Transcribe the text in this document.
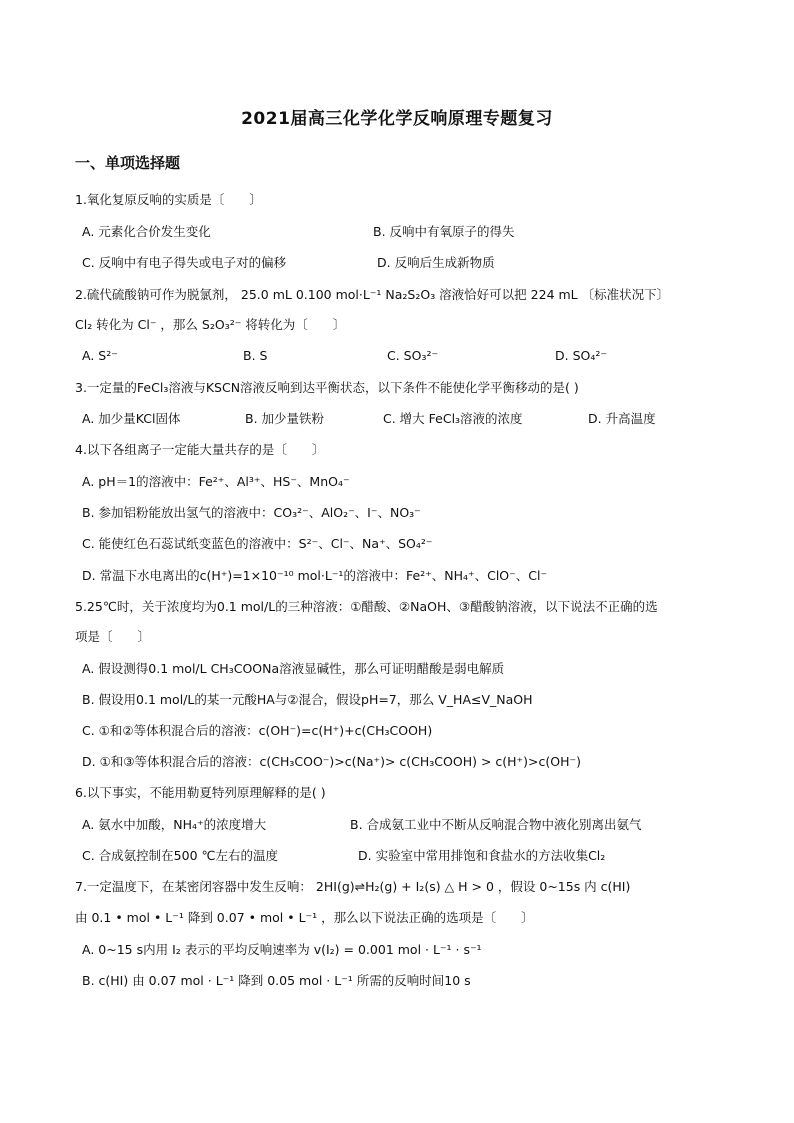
2021届高三化学化学反响原理专题复习
一、单项选择题
1.氧化复原反响的实质是〔　　〕
A. 元素化合价发生变化	B. 反响中有氧原子的得失
C. 反响中有电子得失或电子对的偏移	D. 反响后生成新物质
2.硫代硫酸钠可作为脱氯剂， 25.0 mL 0.100 mol·L⁻¹ Na₂S₂O₃ 溶液恰好可以把 224 mL 〔标准状况下〕
Cl₂ 转化为 Cl⁻ ，那么 S₂O₃²⁻ 将转化为〔　　〕
A. S²⁻	B. S	C. SO₃²⁻	D. SO₄²⁻
3.一定量的FeCl₃溶液与KSCN溶液反响到达平衡状态，以下条件不能使化学平衡移动的是( )
A. 加少量KCl固体	B. 加少量铁粉	C. 增大 FeCl₃溶液的浓度	D. 升高温度
4.以下各组离子一定能大量共存的是〔　　〕
A. pH＝1的溶液中：Fe²⁺、Al³⁺、HS⁻、MnO₄⁻
B. 参加铝粉能放出氢气的溶液中：CO₃²⁻、AlO₂⁻、I⁻、NO₃⁻
C. 能使红色石蕊试纸变蓝色的溶液中：S²⁻、Cl⁻、Na⁺、SO₄²⁻
D. 常温下水电离出的c(H⁺)=1×10⁻¹⁰ mol·L⁻¹的溶液中：Fe²⁺、NH₄⁺、ClO⁻、Cl⁻
5.25℃时，关于浓度均为0.1 mol/L的三种溶液：①醋酸、②NaOH、③醋酸钠溶液，以下说法不正确的选
项是〔　　〕
A. 假设测得0.1 mol/L CH₃COONa溶液显碱性，那么可证明醋酸是弱电解质
B. 假设用0.1 mol/L的某一元酸HA与②混合，假设pH=7，那么 V_HA≤V_NaOH
C. ①和②等体积混合后的溶液：c(OH⁻)=c(H⁺)+c(CH₃COOH)
D. ①和③等体积混合后的溶液：c(CH₃COO⁻)>c(Na⁺)> c(CH₃COOH) > c(H⁺)>c(OH⁻)
6.以下事实，不能用勒夏特列原理解释的是( )
A. 氨水中加酸，NH₄⁺的浓度增大	B. 合成氨工业中不断从反响混合物中液化别离出氨气
C. 合成氨控制在500 ℃左右的温度	D. 实验室中常用排饱和食盐水的方法收集Cl₂
7.一定温度下，在某密闭容器中发生反响： 2HI(g)⇌H₂(g) + I₂(s) △ H > 0 ，假设 0~15s 内 c(HI)
由 0.1 • mol • L⁻¹ 降到 0.07 • mol • L⁻¹ ，那么以下说法正确的选项是〔　　〕
A. 0~15 s内用 I₂ 表示的平均反响速率为 v(I₂) = 0.001 mol · L⁻¹ · s⁻¹
B. c(HI) 由 0.07 mol · L⁻¹ 降到 0.05 mol · L⁻¹ 所需的反响时间10 s
